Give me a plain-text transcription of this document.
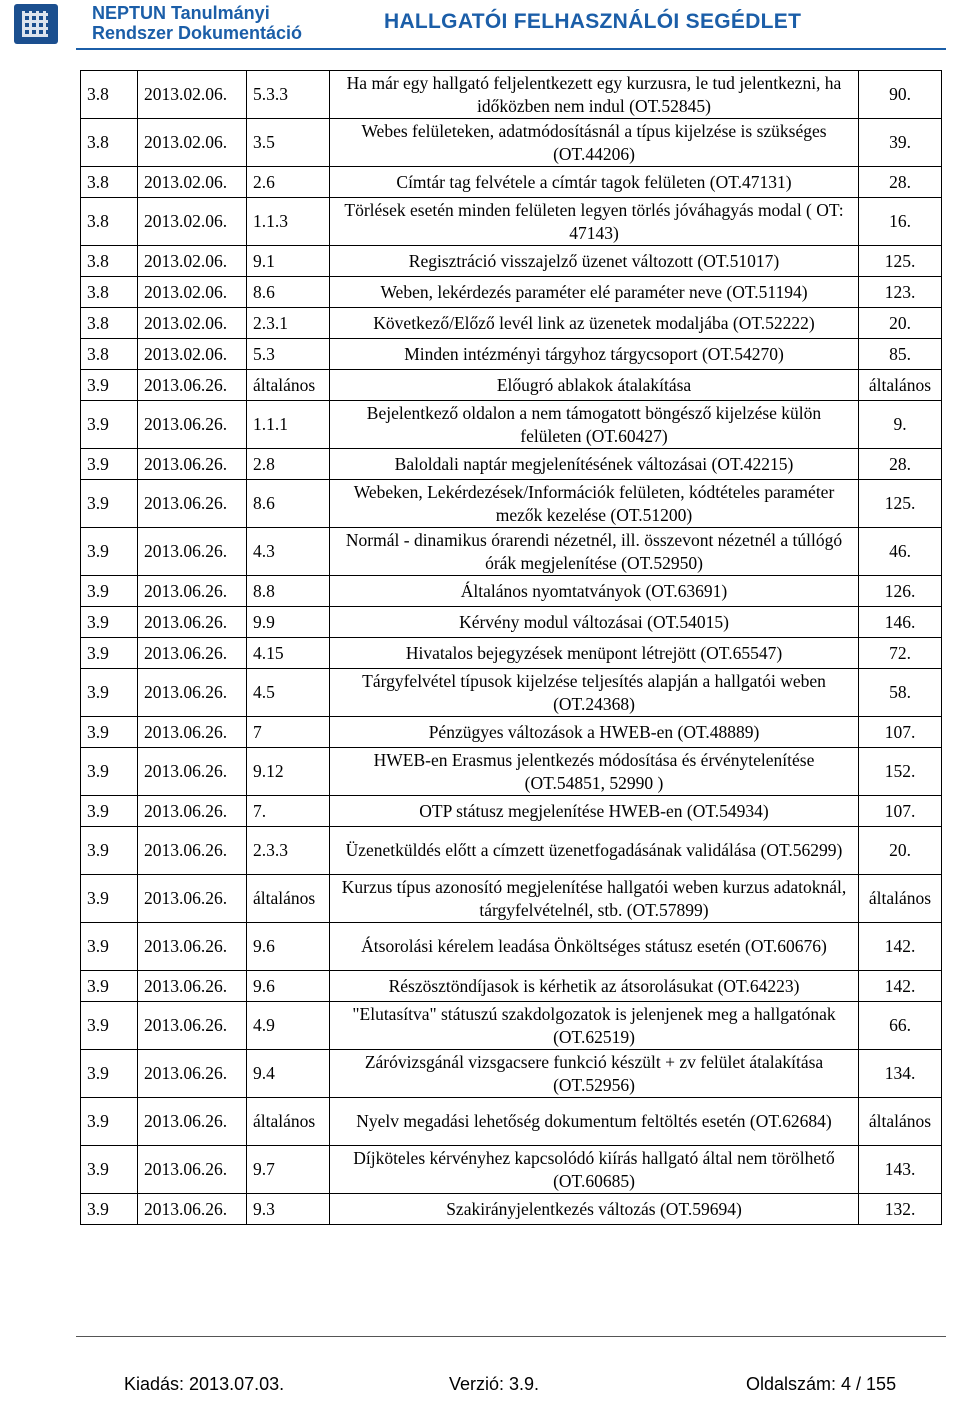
NEPTUN Tanulmányi
Rendszer Dokumentáció	HALLGATÓI FELHASZNÁLÓI SEGÉDLET
3.8	2013.02.06.	5.3.3	Ha már egy hallgató feljelentkezett egy kurzusra, le tud jelentkezni, ha időközben nem indul (OT.52845)	90.
3.8	2013.02.06.	3.5	Webes felületeken, adatmódosításnál a típus kijelzése is szükséges (OT.44206)	39.
3.8	2013.02.06.	2.6	Címtár tag felvétele a címtár tagok felületen (OT.47131)	28.
3.8	2013.02.06.	1.1.3	Törlések esetén minden felületen legyen törlés jóváhagyás modal ( OT: 47143)	16.
3.8	2013.02.06.	9.1	Regisztráció visszajelző üzenet változott (OT.51017)	125.
3.8	2013.02.06.	8.6	Weben, lekérdezés paraméter elé paraméter neve (OT.51194)	123.
3.8	2013.02.06.	2.3.1	Következő/Előző levél link az üzenetek modaljába (OT.52222)	20.
3.8	2013.02.06.	5.3	Minden intézményi tárgyhoz tárgycsoport (OT.54270)	85.
3.9	2013.06.26.	általános	Előugró ablakok átalakítása	általános
3.9	2013.06.26.	1.1.1	Bejelentkező oldalon a nem támogatott böngésző kijelzése külön felületen (OT.60427)	9.
3.9	2013.06.26.	2.8	Baloldali naptár megjelenítésének változásai (OT.42215)	28.
3.9	2013.06.26.	8.6	Webeken, Lekérdezések/Információk felületen, kódtételes paraméter mezők kezelése (OT.51200)	125.
3.9	2013.06.26.	4.3	Normál - dinamikus órarendi nézetnél, ill. összevont nézetnél a túllógó órák megjelenítése (OT.52950)	46.
3.9	2013.06.26.	8.8	Általános nyomtatványok (OT.63691)	126.
3.9	2013.06.26.	9.9	Kérvény modul változásai (OT.54015)	146.
3.9	2013.06.26.	4.15	Hivatalos bejegyzések menüpont létrejött (OT.65547)	72.
3.9	2013.06.26.	4.5	Tárgyfelvétel típusok kijelzése teljesítés alapján a hallgatói weben (OT.24368)	58.
3.9	2013.06.26.	7	Pénzügyes változások a HWEB-en (OT.48889)	107.
3.9	2013.06.26.	9.12	HWEB-en Erasmus jelentkezés módosítása és érvénytelenítése (OT.54851, 52990 )	152.
3.9	2013.06.26.	7.	OTP státusz megjelenítése HWEB-en (OT.54934)	107.
3.9	2013.06.26.	2.3.3	Üzenetküldés előtt a címzett üzenetfogadásának validálása (OT.56299)	20.
3.9	2013.06.26.	általános	Kurzus típus azonosító megjelenítése hallgatói weben kurzus adatoknál, tárgyfelvételnél, stb. (OT.57899)	általános
3.9	2013.06.26.	9.6	Átsorolási kérelem leadása Önköltséges státusz esetén (OT.60676)	142.
3.9	2013.06.26.	9.6	Részösztöndíjasok is kérhetik az átsorolásukat (OT.64223)	142.
3.9	2013.06.26.	4.9	"Elutasítva" státuszú szakdolgozatok is jelenjenek meg a hallgatónak (OT.62519)	66.
3.9	2013.06.26.	9.4	Záróvizsgánál vizsgacsere funkció készült + zv felület átalakítása (OT.52956)	134.
3.9	2013.06.26.	általános	Nyelv megadási lehetőség dokumentum feltöltés esetén (OT.62684)	általános
3.9	2013.06.26.	9.7	Díjköteles kérvényhez kapcsolódó kiírás hallgató által nem törölhető (OT.60685)	143.
3.9	2013.06.26.	9.3	Szakirányjelentkezés változás (OT.59694)	132.
Kiadás: 2013.07.03.	Verzió: 3.9.	Oldalszám: 4 / 155
